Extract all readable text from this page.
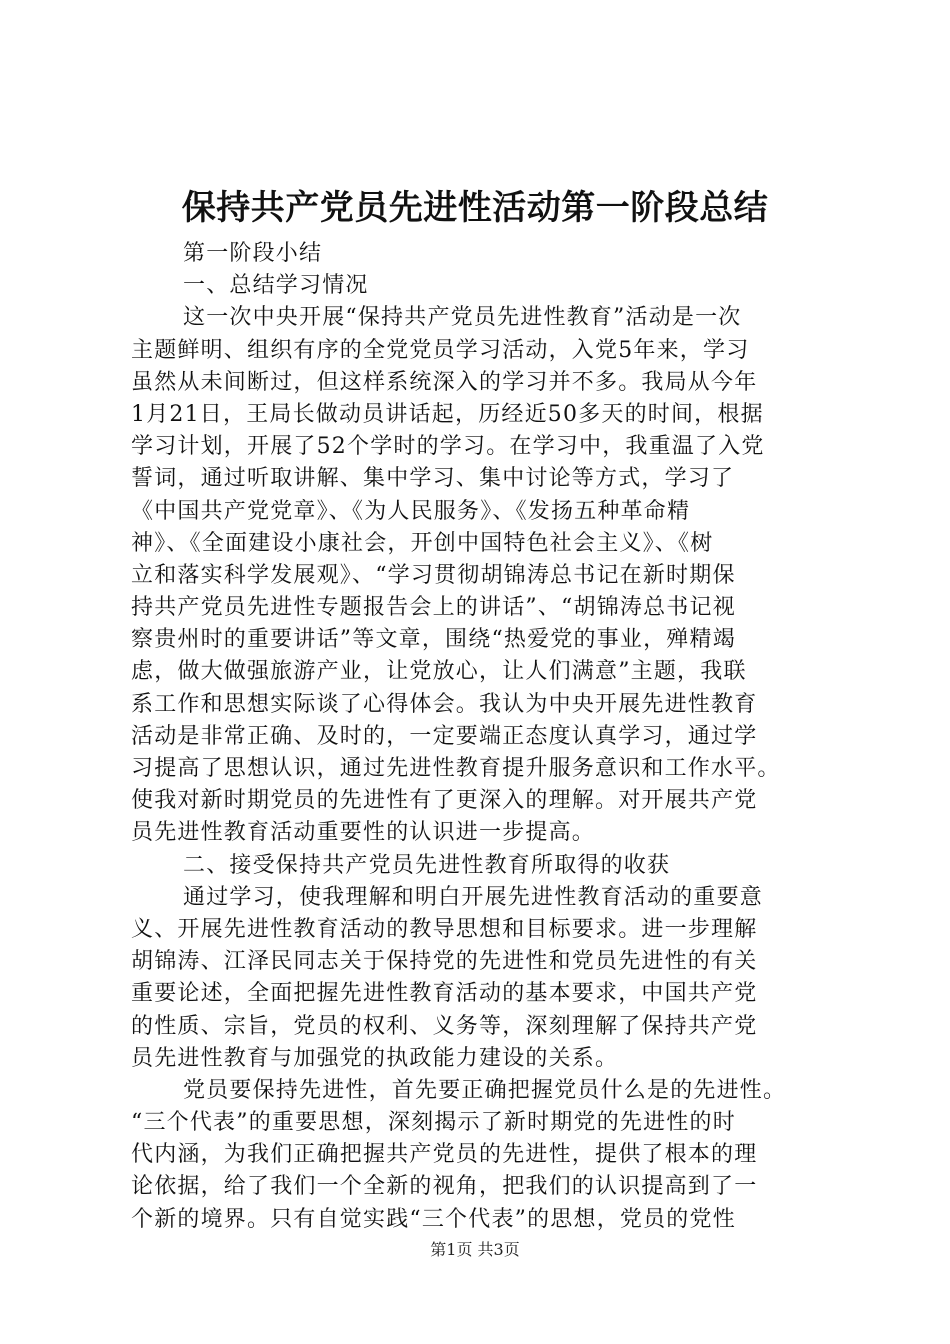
保持共产党员先进性活动第一阶段总结
第一阶段小结
一、总结学习情况
这一次中央开展“保持共产党员先进性教育”活动是一次
主题鲜明、组织有序的全党党员学习活动，入党5年来，学习
虽然从未间断过，但这样系统深入的学习并不多。我局从今年
1月21日，王局长做动员讲话起，历经近50多天的时间，根据
学习计划，开展了52个学时的学习。在学习中，我重温了入党
誓词，通过听取讲解、集中学习、集中讨论等方式，学习了
《中国共产党党章》、《为人民服务》、《发扬五种革命精
神》、《全面建设小康社会，开创中国特色社会主义》、《树
立和落实科学发展观》、“学习贯彻胡锦涛总书记在新时期保
持共产党员先进性专题报告会上的讲话”、“胡锦涛总书记视
察贵州时的重要讲话”等文章，围绕“热爱党的事业，殚精竭
虑，做大做强旅游产业，让党放心，让人们满意”主题，我联
系工作和思想实际谈了心得体会。我认为中央开展先进性教育
活动是非常正确、及时的，一定要端正态度认真学习，通过学
习提高了思想认识，通过先进性教育提升服务意识和工作水平。
使我对新时期党员的先进性有了更深入的理解。对开展共产党
员先进性教育活动重要性的认识进一步提高。
二、接受保持共产党员先进性教育所取得的收获
通过学习，使我理解和明白开展先进性教育活动的重要意
义、开展先进性教育活动的教导思想和目标要求。进一步理解
胡锦涛、江泽民同志关于保持党的先进性和党员先进性的有关
重要论述，全面把握先进性教育活动的基本要求，中国共产党
的性质、宗旨，党员的权利、义务等，深刻理解了保持共产党
员先进性教育与加强党的执政能力建设的关系。
党员要保持先进性，首先要正确把握党员什么是的先进性。
“三个代表”的重要思想，深刻揭示了新时期党的先进性的时
代内涵，为我们正确把握共产党员的先进性，提供了根本的理
论依据，给了我们一个全新的视角，把我们的认识提高到了一
个新的境界。只有自觉实践“三个代表”的思想，党员的党性
第1页 共3页
